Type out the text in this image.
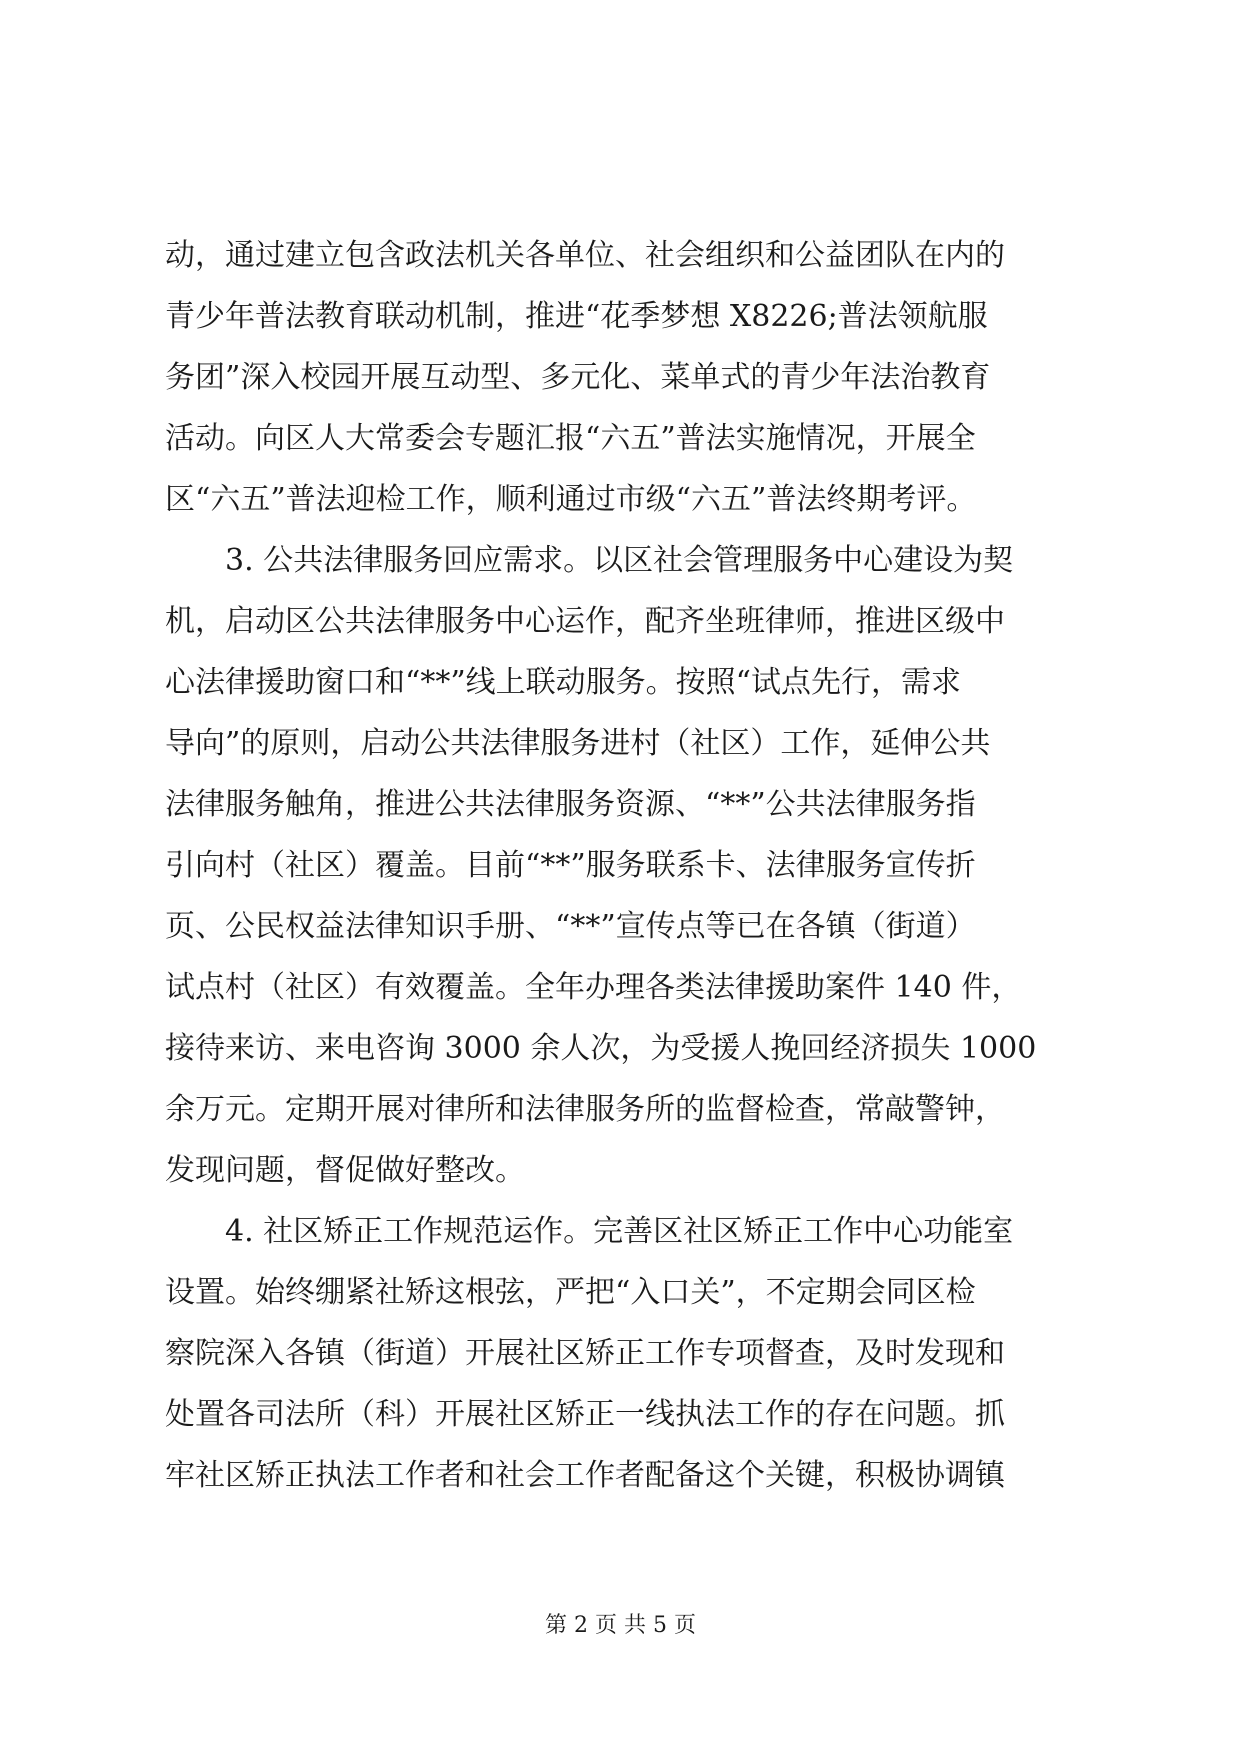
动，通过建立包含政法机关各单位、社会组织和公益团队在内的
青少年普法教育联动机制，推进“花季梦想 X8226;普法领航服
务团”深入校园开展互动型、多元化、菜单式的青少年法治教育
活动。向区人大常委会专题汇报“六五”普法实施情况，开展全
区“六五”普法迎检工作，顺利通过市级“六五”普法终期考评。
3. 公共法律服务回应需求。以区社会管理服务中心建设为契
机，启动区公共法律服务中心运作，配齐坐班律师，推进区级中
心法律援助窗口和“**”线上联动服务。按照“试点先行，需求
导向”的原则，启动公共法律服务进村（社区）工作，延伸公共
法律服务触角，推进公共法律服务资源、“**”公共法律服务指
引向村（社区）覆盖。目前“**”服务联系卡、法律服务宣传折
页、公民权益法律知识手册、“**”宣传点等已在各镇（街道）
试点村（社区）有效覆盖。全年办理各类法律援助案件 140 件，
接待来访、来电咨询 3000 余人次，为受援人挽回经济损失 1000
余万元。定期开展对律所和法律服务所的监督检查，常敲警钟，
发现问题，督促做好整改。
4. 社区矫正工作规范运作。完善区社区矫正工作中心功能室
设置。始终绷紧社矫这根弦，严把“入口关”，不定期会同区检
察院深入各镇（街道）开展社区矫正工作专项督查，及时发现和
处置各司法所（科）开展社区矫正一线执法工作的存在问题。抓
牢社区矫正执法工作者和社会工作者配备这个关键，积极协调镇
第 2 页 共 5 页
